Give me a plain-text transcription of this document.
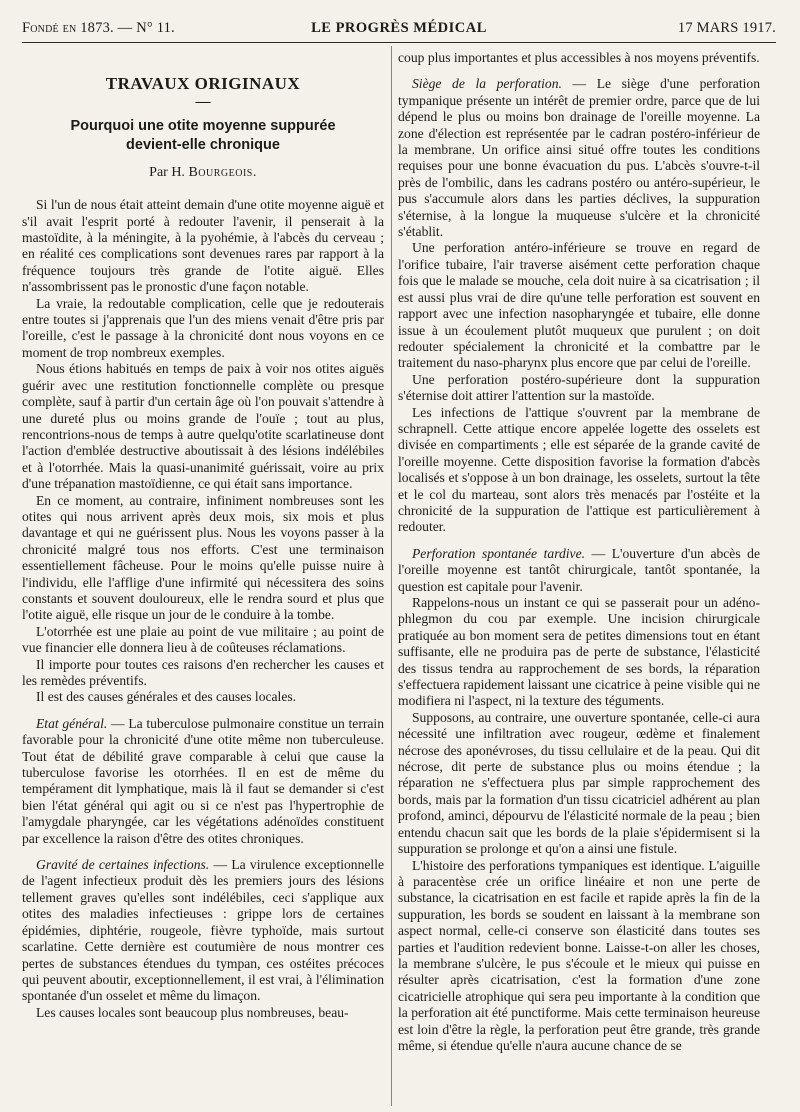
Fondé en 1873. — N° 11.	LE PROGRÈS MÉDICAL	17 MARS 1917.
TRAVAUX ORIGINAUX
—
Pourquoi une otite moyenne suppurée devient-elle chronique
Par H. Bourgeois.

Si l'un de nous était atteint demain d'une otite moyenne aiguë et s'il avait l'esprit porté à redouter l'avenir, il penserait à la mastoïdite, à la méningite, à la pyohémie, à l'abcès du cerveau ; en réalité ces complications sont devenues rares par rapport à la fréquence toujours très grande de l'otite aiguë. Elles n'assombrissent pas le pronostic d'une façon notable.

La vraie, la redoutable complication, celle que je redouterais entre toutes si j'apprenais que l'un des miens venait d'être pris par l'oreille, c'est le passage à la chronicité dont nous voyons en ce moment de trop nombreux exemples.

Nous étions habitués en temps de paix à voir nos otites aiguës guérir avec une restitution fonctionnelle complète ou presque complète, sauf à partir d'un certain âge où l'on pouvait s'attendre à une dureté plus ou moins grande de l'ouïe ; tout au plus, rencontrions-nous de temps à autre quelqu'otite scarlatineuse dont l'action d'emblée destructive aboutissait à des lésions indélébiles et à l'otorrhée. Mais la quasi-unanimité guérissait, voire au prix d'une trépanation mastoïdienne, ce qui était sans importance.

En ce moment, au contraire, infiniment nombreuses sont les otites qui nous arrivent après deux mois, six mois et plus davantage et qui ne guérissent plus. Nous les voyons passer à la chronicité malgré tous nos efforts. C'est une terminaison essentiellement fâcheuse. Pour le moins qu'elle puisse nuire à l'individu, elle l'afflige d'une infirmité qui nécessitera des soins constants et souvent douloureux, elle le rendra sourd et plus que l'otite aiguë, elle risque un jour de le conduire à la tombe.

L'otorrhée est une plaie au point de vue militaire ; au point de vue financier elle donnera lieu à de coûteuses réclamations.

Il importe pour toutes ces raisons d'en rechercher les causes et les remèdes préventifs.

Il est des causes générales et des causes locales.

Etat général. — La tuberculose pulmonaire constitue un terrain favorable pour la chronicité d'une otite même non tuberculeuse. Tout état de débilité grave comparable à celui que cause la tuberculose favorise les otorrhées. Il en est de même du tempérament dit lymphatique, mais là il faut se demander si c'est bien l'état général qui agit ou si ce n'est pas l'hypertrophie de l'amygdale pharyngée, car les végétations adénoïdes constituent par excellence la raison d'être des otites chroniques.

Gravité de certaines infections. — La virulence exceptionnelle de l'agent infectieux produit dès les premiers jours des lésions tellement graves qu'elles sont indélébiles, ceci s'applique aux otites des maladies infectieuses : grippe lors de certaines épidémies, diphtérie, rougeole, fièvre typhoïde, mais surtout scarlatine. Cette dernière est coutumière de nous montrer ces pertes de substances étendues du tympan, ces ostéites précoces qui peuvent aboutir, exceptionnellement, il est vrai, à l'élimination spontanée d'un osselet et même du limaçon.

Les causes locales sont beaucoup plus nombreuses, beau-

coup plus importantes et plus accessibles à nos moyens préventifs.

Siège de la perforation. — Le siège d'une perforation tympanique présente un intérêt de premier ordre, parce que de lui dépend le plus ou moins bon drainage de l'oreille moyenne. La zone d'élection est représentée par le cadran postéro-inférieur de la membrane. Un orifice ainsi situé offre toutes les conditions requises pour une bonne évacuation du pus. L'abcès s'ouvre-t-il près de l'ombilic, dans les cadrans postéro ou antéro-supérieur, le pus s'accumule alors dans les parties déclives, la suppuration s'éternise, à la longue la muqueuse s'ulcère et la chronicité s'établit.

Une perforation antéro-inférieure se trouve en regard de l'orifice tubaire, l'air traverse aisément cette perforation chaque fois que le malade se mouche, cela doit nuire à sa cicatrisation ; il est aussi plus vrai de dire qu'une telle perforation est souvent en rapport avec une infection nasopharyngée et tubaire, elle donne issue à un écoulement plutôt muqueux que purulent ; on doit redouter spécialement la chronicité et la combattre par le traitement du naso-pharynx plus encore que par celui de l'oreille.

Une perforation postéro-supérieure dont la suppuration s'éternise doit attirer l'attention sur la mastoïde.

Les infections de l'attique s'ouvrent par la membrane de schrapnell. Cette attique encore appelée logette des osselets est divisée en compartiments ; elle est séparée de la grande cavité de l'oreille moyenne. Cette disposition favorise la formation d'abcès localisés et s'oppose à un bon drainage, les osselets, surtout la tête et le col du marteau, sont alors très menacés par l'ostéite et la chronicité de la suppuration de l'attique est particulièrement à redouter.

Perforation spontanée tardive. — L'ouverture d'un abcès de l'oreille moyenne est tantôt chirurgicale, tantôt spontanée, la question est capitale pour l'avenir.

Rappelons-nous un instant ce qui se passerait pour un adéno-phlegmon du cou par exemple. Une incision chirurgicale pratiquée au bon moment sera de petites dimensions tout en étant suffisante, elle ne produira pas de perte de substance, l'élasticité des tissus tendra au rapprochement de ses bords, la réparation s'effectuera rapidement laissant une cicatrice à peine visible qui ne modifiera ni l'aspect, ni la texture des téguments.

Supposons, au contraire, une ouverture spontanée, celle-ci aura nécessité une infiltration avec rougeur, œdème et finalement nécrose des aponévroses, du tissu cellulaire et de la peau. Qui dit nécrose, dit perte de substance plus ou moins étendue ; la réparation ne s'effectuera plus par simple rapprochement des bords, mais par la formation d'un tissu cicatriciel adhérent au plan profond, aminci, dépourvu de l'élasticité normale de la peau ; bien entendu chacun sait que les bords de la plaie s'épidermisent si la suppuration se prolonge et qu'on a ainsi une fistule.

L'histoire des perforations tympaniques est identique. L'aiguille à paracentèse crée un orifice linéaire et non une perte de substance, la cicatrisation en est facile et rapide après la fin de la suppuration, les bords se soudent en laissant à la membrane son aspect normal, celle-ci conserve son élasticité dans toutes ses parties et l'audition redevient bonne. Laisse-t-on aller les choses, la membrane s'ulcère, le pus s'écoule et le mieux qui puisse en résulter après cicatrisation, c'est la formation d'une zone cicatricielle atrophique qui sera peu importante à la condition que la perforation ait été punctiforme. Mais cette terminaison heureuse est loin d'être la règle, la perforation peut être grande, très grande même, si étendue qu'elle n'aura aucune chance de se
